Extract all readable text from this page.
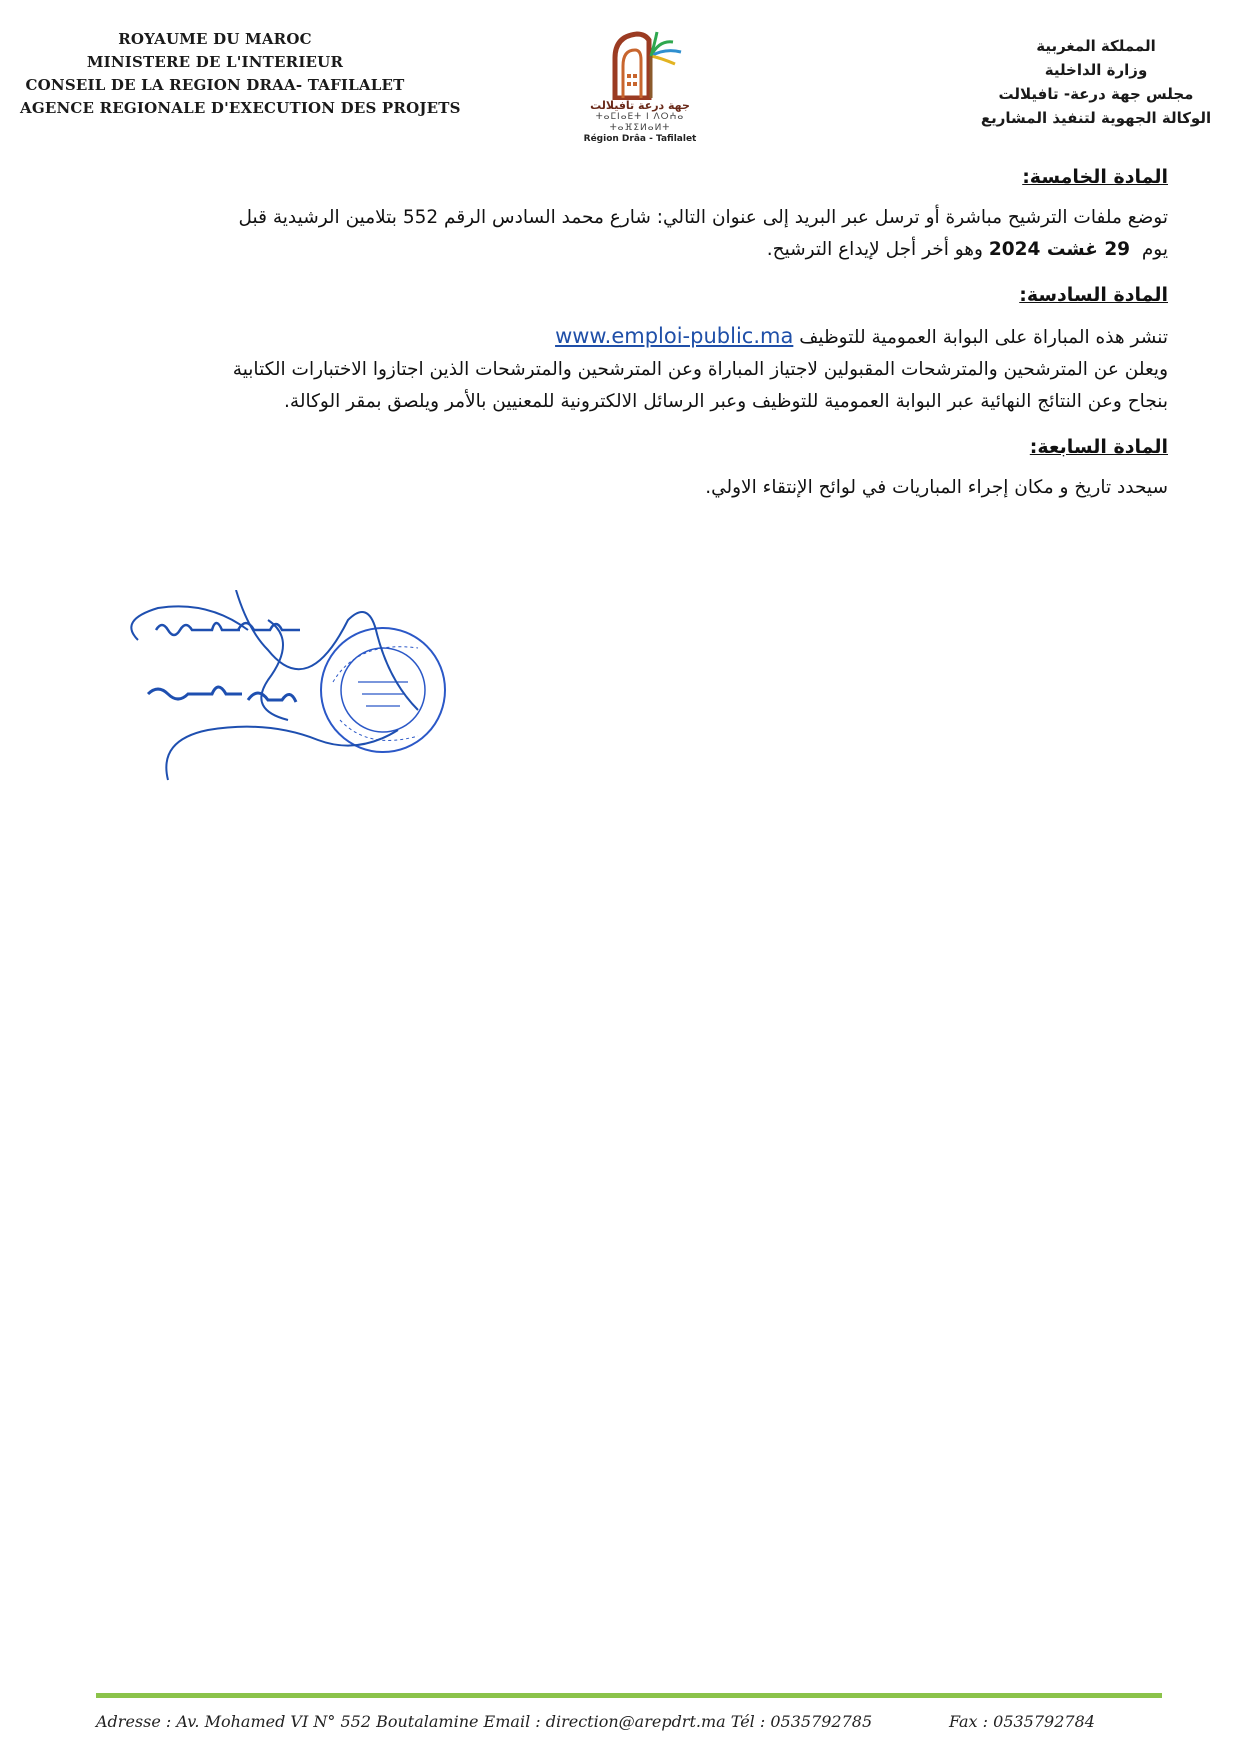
ROYAUME DU MAROC
MINISTERE DE L'INTERIEUR
CONSEIL DE LA REGION DRAA- TAFILALET
AGENCE REGIONALE D'EXECUTION DES PROJETS	جهة درعة تافيلالت
ⵜⴰⵎⵏⴰⴹⵜ ⵏ ⴷⵔⵄⴰ ⵜⴰⴼⵉⵍⴰⵍⵜ
Région Drâa - Tafilalet
المملكة المغربية
وزارة الداخلية
مجلس جهة درعة- تافيلالت
الوكالة الجهوية لتنفيذ المشاريع
المادة الخامسة:
توضع ملفات الترشيح مباشرة أو ترسل عبر البريد إلى عنوان التالي: شارع محمد السادس الرقم 552 بتلامين الرشيدية قبل
يوم  29 غشت 2024 وهو أخر أجل لإيداع الترشيح.
المادة السادسة:
تنشر هذه المباراة على البوابة العمومية للتوظيف www.emploi-public.ma
ويعلن عن المترشحين والمترشحات المقبولين لاجتياز المباراة وعن المترشحين والمترشحات الذين اجتازوا الاختبارات الكتابية
بنجاح وعن النتائج النهائية عبر البوابة العمومية للتوظيف وعبر الرسائل الالكترونية للمعنيين بالأمر ويلصق بمقر الوكالة.
المادة السابعة:
سيحدد تاريخ و مكان إجراء المباريات في لوائح الإنتقاء الاولي.
Adresse : Av. Mohamed VI N° 552 Boutalamine Email : direction@arepdrt.ma Tél : 0535792785	Fax : 0535792784
